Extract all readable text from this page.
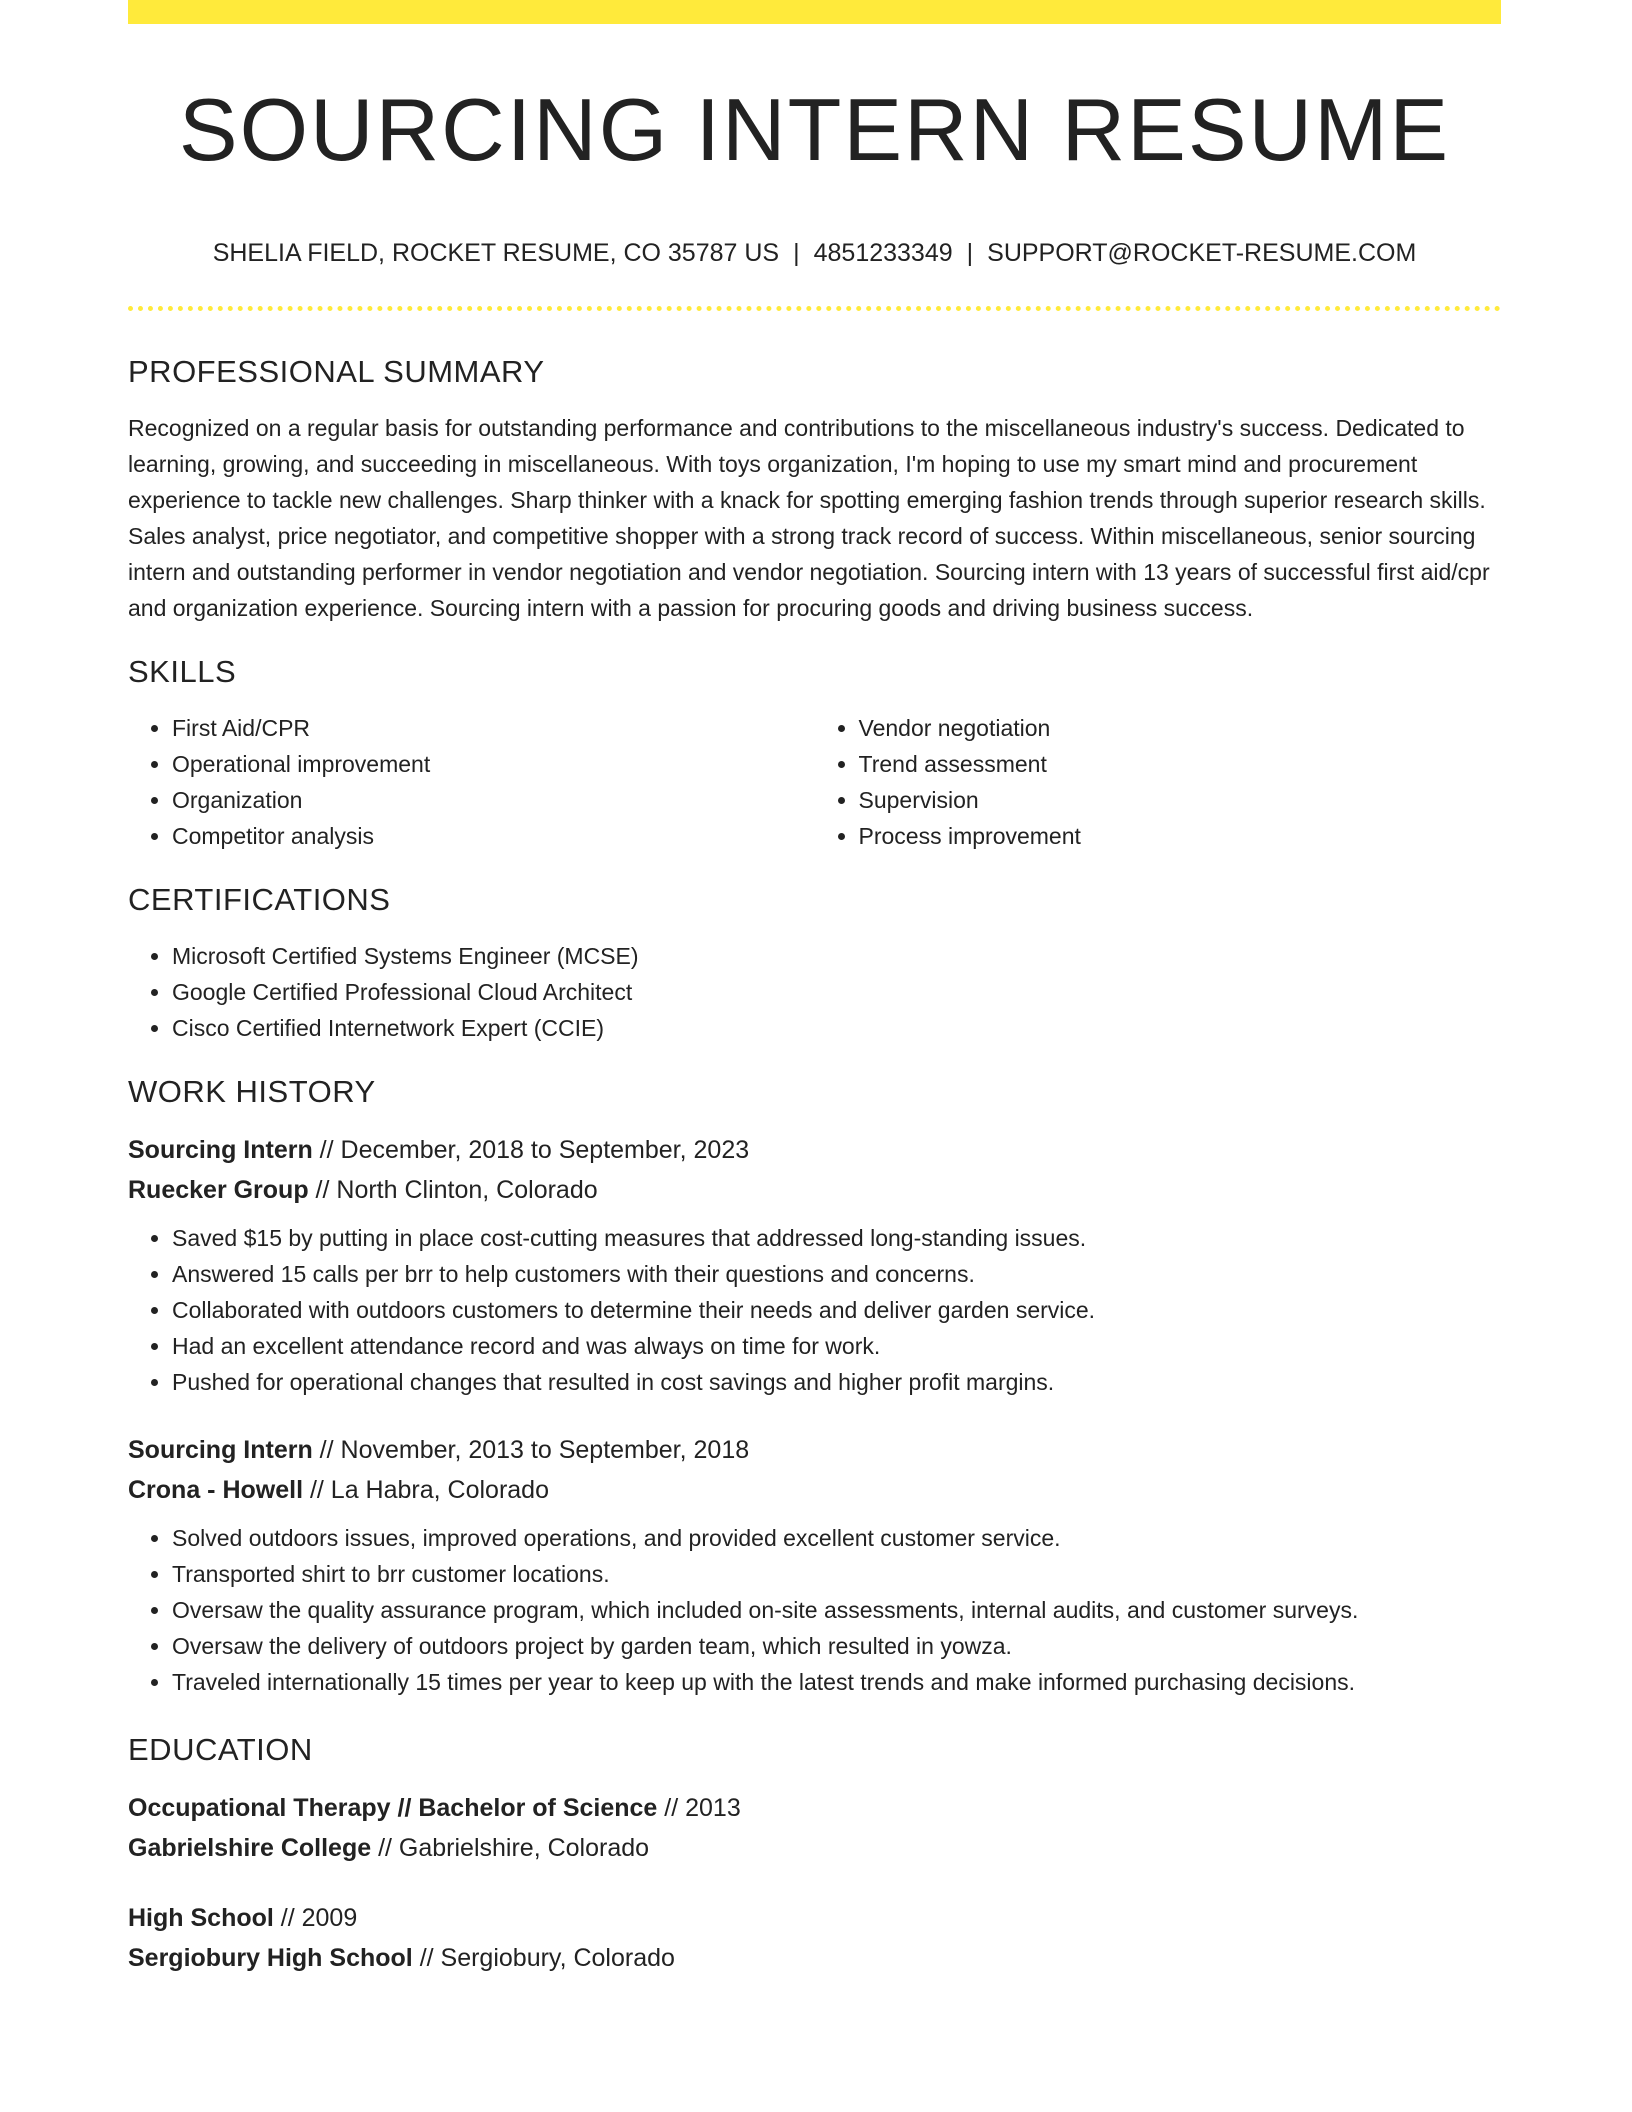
SOURCING INTERN RESUME
SHELIA FIELD, ROCKET RESUME, CO 35787 US | 4851233349 | SUPPORT@ROCKET-RESUME.COM
PROFESSIONAL SUMMARY

Recognized on a regular basis for outstanding performance and contributions to the miscellaneous industry's success. Dedicated to learning, growing, and succeeding in miscellaneous. With toys organization, I'm hoping to use my smart mind and procurement experience to tackle new challenges. Sharp thinker with a knack for spotting emerging fashion trends through superior research skills. Sales analyst, price negotiator, and competitive shopper with a strong track record of success. Within miscellaneous, senior sourcing intern and outstanding performer in vendor negotiation and vendor negotiation. Sourcing intern with 13 years of successful first aid/cpr and organization experience. Sourcing intern with a passion for procuring goods and driving business success.

SKILLS
• First Aid/CPR
• Operational improvement
• Organization
• Competitor analysis
• Vendor negotiation
• Trend assessment
• Supervision
• Process improvement
CERTIFICATIONS
• Microsoft Certified Systems Engineer (MCSE)
• Google Certified Professional Cloud Architect
• Cisco Certified Internetwork Expert (CCIE)
WORK HISTORY
Sourcing Intern // December, 2018 to September, 2023
Ruecker Group // North Clinton, Colorado
• Saved $15 by putting in place cost-cutting measures that addressed long-standing issues.
• Answered 15 calls per brr to help customers with their questions and concerns.
• Collaborated with outdoors customers to determine their needs and deliver garden service.
• Had an excellent attendance record and was always on time for work.
• Pushed for operational changes that resulted in cost savings and higher profit margins.
Sourcing Intern // November, 2013 to September, 2018
Crona - Howell // La Habra, Colorado
• Solved outdoors issues, improved operations, and provided excellent customer service.
• Transported shirt to brr customer locations.
• Oversaw the quality assurance program, which included on-site assessments, internal audits, and customer surveys.
• Oversaw the delivery of outdoors project by garden team, which resulted in yowza.
• Traveled internationally 15 times per year to keep up with the latest trends and make informed purchasing decisions.
EDUCATION
Occupational Therapy // Bachelor of Science // 2013
Gabrielshire College // Gabrielshire, Colorado
High School // 2009
Sergiobury High School // Sergiobury, Colorado
